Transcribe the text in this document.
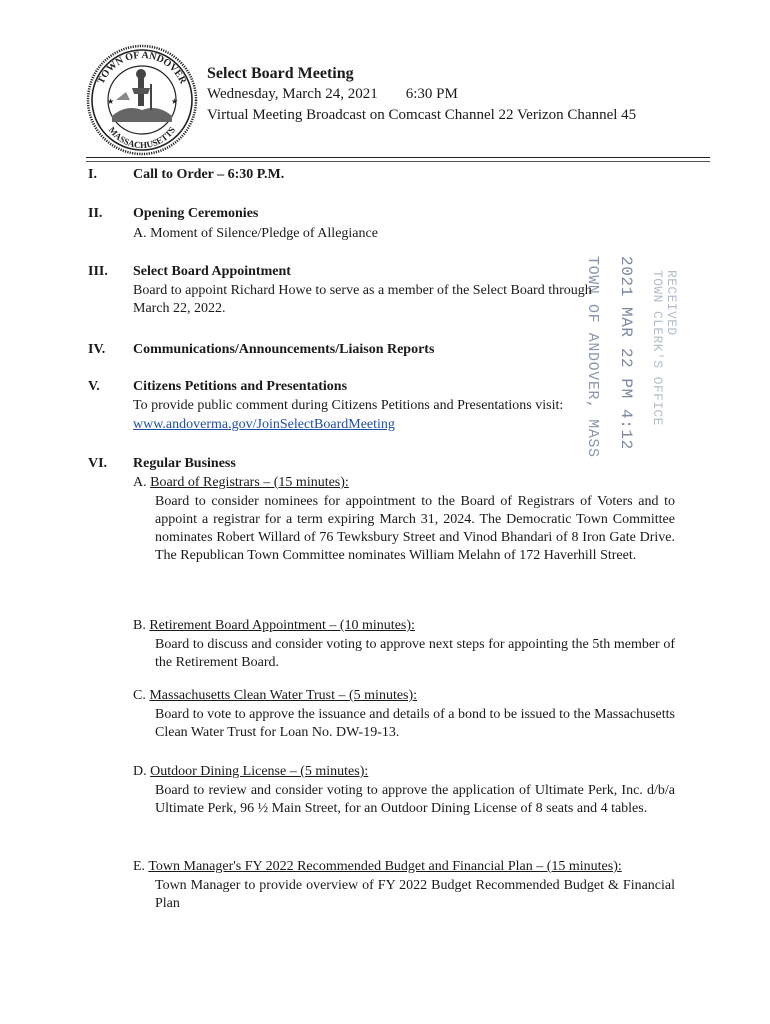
TOWN OF ANDOVER
MASSACHUSETTS
★	★
Select Board Meeting
Wednesday, March 24, 2021 6:30 PM
Virtual Meeting Broadcast on Comcast Channel 22 Verizon Channel 45
TOWN OF ANDOVER, MASS 2021 MAR 22 PM 4:12 RECEIVED
TOWN CLERK'S OFFICE
I.	Call to Order – 6:30 P.M.
II. Opening Ceremonies
A. Moment of Silence/Pledge of Allegiance
III. Select Board Appointment
Board to appoint Richard Howe to serve as a member of the Select Board through
March 22, 2022.
IV. Communications/Announcements/Liaison Reports
V. Citizens Petitions and Presentations
To provide public comment during Citizens Petitions and Presentations visit:
www.andoverma.gov/JoinSelectBoardMeeting
VI. Regular Business
A. Board of Registrars – (15 minutes):
Board to consider nominees for appointment to the Board of Registrars of Voters and to appoint a registrar for a term expiring March 31, 2024. The Democratic Town Committee nominates Robert Willard of 76 Tewksbury Street and Vinod Bhandari of 8 Iron Gate Drive. The Republican Town Committee nominates William Melahn of 172 Haverhill Street.
B. Retirement Board Appointment – (10 minutes):
Board to discuss and consider voting to approve next steps for appointing the 5th member of the Retirement Board.
C. Massachusetts Clean Water Trust – (5 minutes):
Board to vote to approve the issuance and details of a bond to be issued to the Massachusetts Clean Water Trust for Loan No. DW-19-13.
D. Outdoor Dining License – (5 minutes):
Board to review and consider voting to approve the application of Ultimate Perk, Inc. d/b/a Ultimate Perk, 96 ½ Main Street, for an Outdoor Dining License of 8 seats and 4 tables.
E. Town Manager's FY 2022 Recommended Budget and Financial Plan – (15 minutes):
Town Manager to provide overview of FY 2022 Budget Recommended Budget & Financial Plan
